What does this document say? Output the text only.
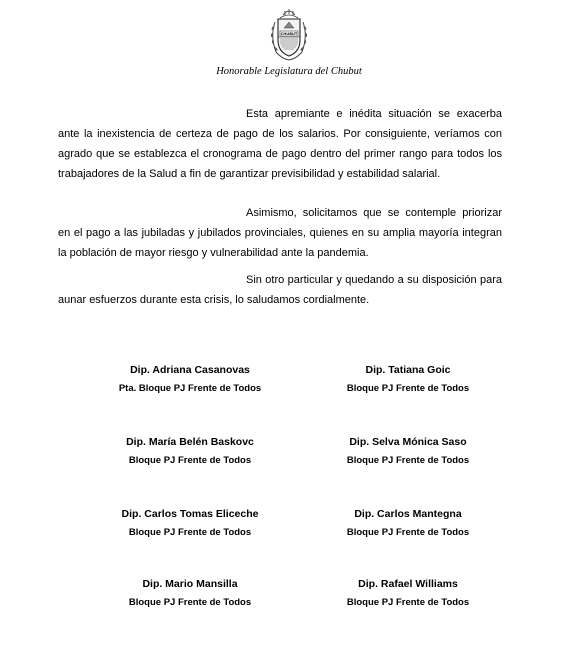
CHUBUT
Honorable Legislatura del Chubut

Esta apremiante e inédita situación se exacerba ante la inexistencia de certeza de pago de los salarios. Por consiguiente, veríamos con agrado que se establezca el cronograma de pago dentro del primer rango para todos los trabajadores de la Salud a fin de garantizar previsibilidad y estabilidad salarial.

Asimismo, solicitamos que se contemple priorizar en el pago a las jubiladas y jubilados provinciales, quienes en su amplia mayoría integran la población de mayor riesgo y vulnerabilidad ante la pandemia.

Sin otro particular y quedando a su disposición para aunar esfuerzos durante esta crisis, lo saludamos cordialmente.

Dip. Adriana Casanovas
Pta. Bloque PJ Frente de Todos
Dip. Tatiana Goic
Bloque PJ Frente de Todos
Dip. María Belén Baskovc
Bloque PJ Frente de Todos
Dip. Selva Mónica Saso
Bloque PJ Frente de Todos
Dip. Carlos Tomas Eliceche
Bloque PJ Frente de Todos
Dip. Carlos Mantegna
Bloque PJ Frente de Todos
Dip. Mario Mansilla
Bloque PJ Frente de Todos
Dip. Rafael Williams
Bloque PJ Frente de Todos
